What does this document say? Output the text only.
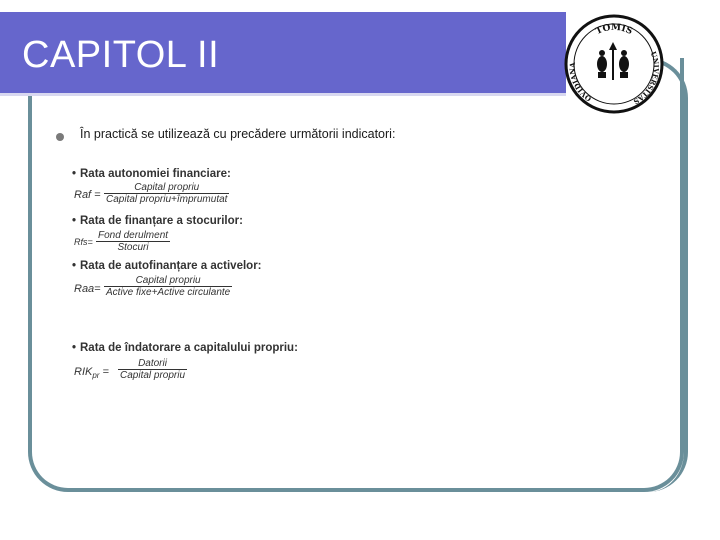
CAPITOL II
TOMIS
OVIDIANA
UNIVERSITAS
În practică se utilizează cu precădere următorii indicatori:
• Rata autonomiei financiare:
Raf =
Capital propriu
Capital propriu+împrumutat
• Rata de finanțare a stocurilor:
Rfs=
Fond derulment
Stocuri
• Rata de autofinanțare a activelor:
Raa=
Capital propriu
Active fixe+Active circulante
• Rata de îndatorare a capitalului propriu:
$RIK_{pr}$ =
Datorii
Capital propriu
